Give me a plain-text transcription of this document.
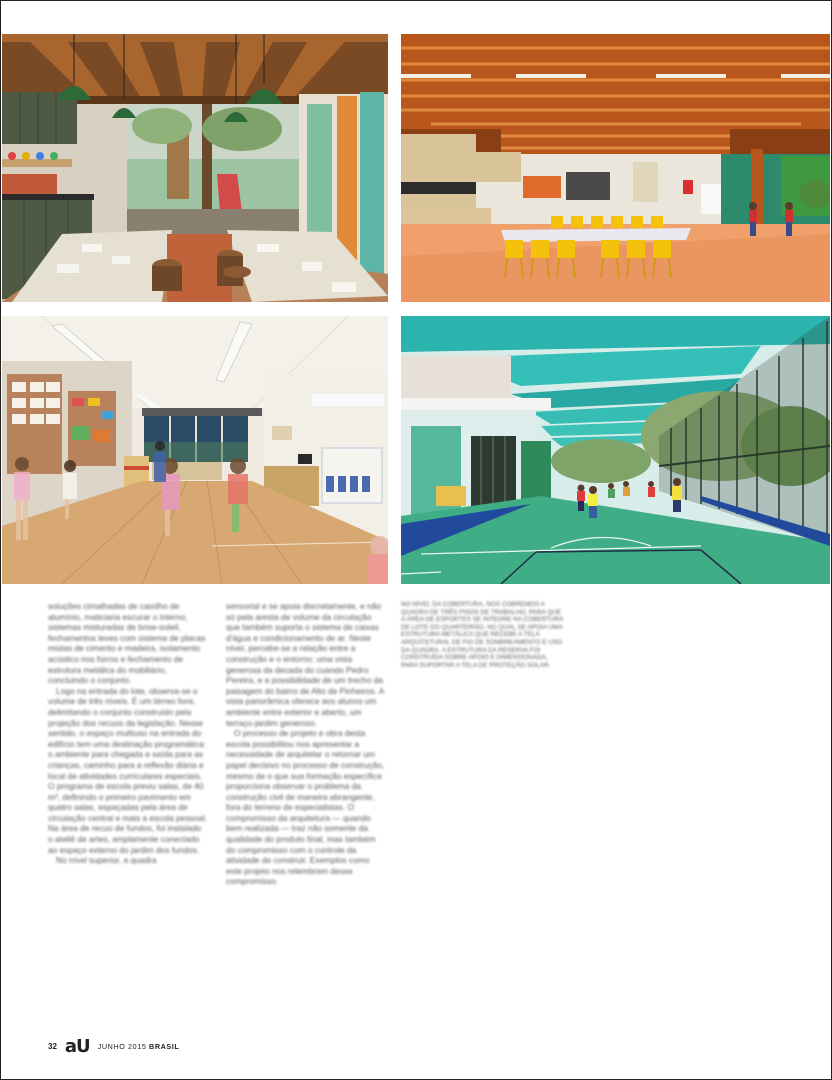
soluções cimalhadas de caixilho de alumínio, maticiaria escurar o interno, sistemas misturadas de brise-soleil, fechamentos leves com sistema de placas mistas de cimento e madeira, isolamento acústico nos forros e fechamento de estrutura metálica do mobiliário, concluindo o conjunto.

Logo na entrada do lote, observa-se o volume de três níveis. É um térreo livre, delimitando o conjunto construído pela projeção dos recuos da legislação. Nesse sentido, o espaço multiuso na entrada do edifício tem uma destinação programática: o ambiente para chegada e saída para as crianças, caminho para a reflexão diária e local de atividades curriculares especiais. O programa de escola previu salas, de 40 m², definindo o primeiro pavimento em quatro salas, espaçadas pela área de circulação central e mais a escola pessoal. Na área de recuo de fundos, foi instalado o ateliê de artes, amplamente conectado ao espaço externo do jardim dos fundos.

No nível superior, a quadra

sensorial e se apoia discretamente, e não só pela aresta de volume da circulação que também suporta o sistema de caixas d'água e condicionamento de ar. Neste nível, percebe-se a relação entre a construção e o entorno: uma vista generosa da decada do cuando Pedro Pereira, e a possibilidade de um trecho da paisagem do bairro de Alto de Pinheiros. A vista panorâmica oferece aos alunos um ambiente entre exterior e aberto, um terraço-jardim generoso.

O processo de projeto e obra desta escola possibilitou nos apresentar a necessidade de arquitetar o retornar um papel decisivo no processo de construção, mesmo de o que sua formação específica proporciona observar o problema da construção civil de maneira abrangente, fora do terreno de especialistas. O compromisso da arquitetura — quando bem realizada — traz não somente da qualidade do produto final, mas também do compromisso com o controle da atividade de construir. Exemplos como este projeto nos relembram desse compromisso.

NO NÍVEL DA COBERTURA, NOS COBREMOS A QUADRA DE TRÊS PISOS DE TRABALHO, PARA QUE A ÁREA DE ESPORTES SE INTEGRE NA COBERTURA DE LOTE DO QUARTEIRÃO, NO QUAL SE APOIA UMA ESTRUTURA METÁLICA QUE RECEBE A TELA ARQUITETURAL DE FIO DE SOMBREAMENTO E USO DA QUADRA. A ESTRUTURA DA RESERVA FOI CONSTRUÍDA SOBRE APOIO E DIMENSIONADA, PARA SUPORTAR A TELA DE PROTEÇÃO SOLAR.

32 aU JUNHO 2015 BRASIL
